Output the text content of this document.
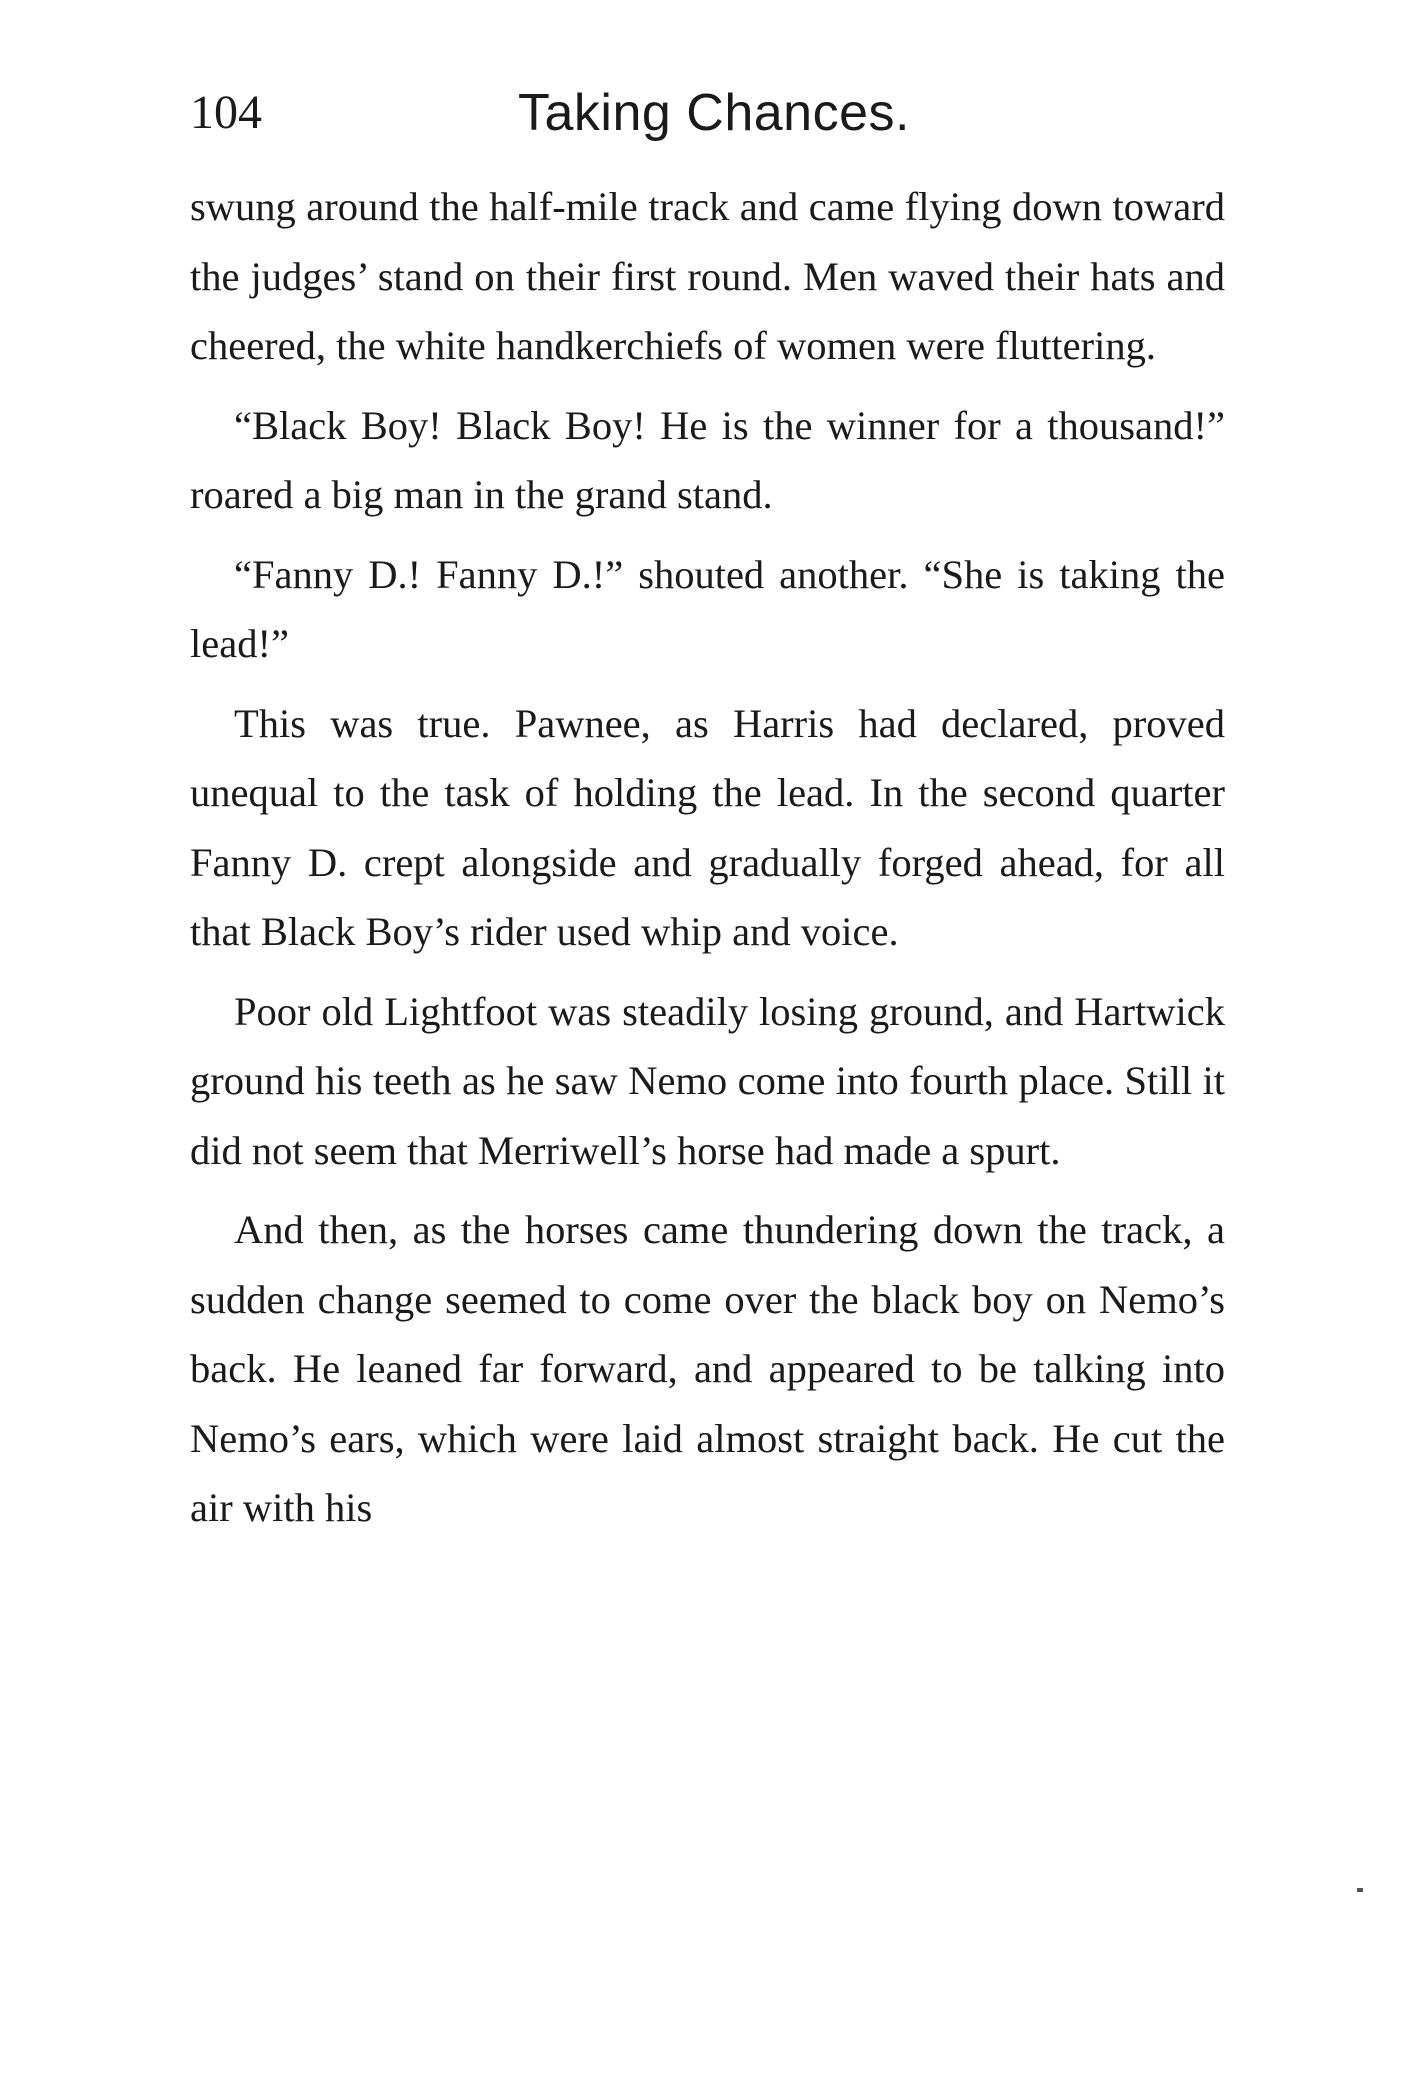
104	Taking Chances.

swung around the half-mile track and came flying down toward the judges’ stand on their first round. Men waved their hats and cheered, the white handkerchiefs of women were fluttering.

“Black Boy! Black Boy! He is the winner for a thousand!” roared a big man in the grand stand.

“Fanny D.! Fanny D.!” shouted another. “She is taking the lead!”

This was true. Pawnee, as Harris had declared, proved unequal to the task of holding the lead. In the second quarter Fanny D. crept alongside and gradually forged ahead, for all that Black Boy’s rider used whip and voice.

Poor old Lightfoot was steadily losing ground, and Hartwick ground his teeth as he saw Nemo come into fourth place. Still it did not seem that Merriwell’s horse had made a spurt.

And then, as the horses came thundering down the track, a sudden change seemed to come over the black boy on Nemo’s back. He leaned far forward, and appeared to be talking into Nemo’s ears, which were laid almost straight back. He cut the air with his
